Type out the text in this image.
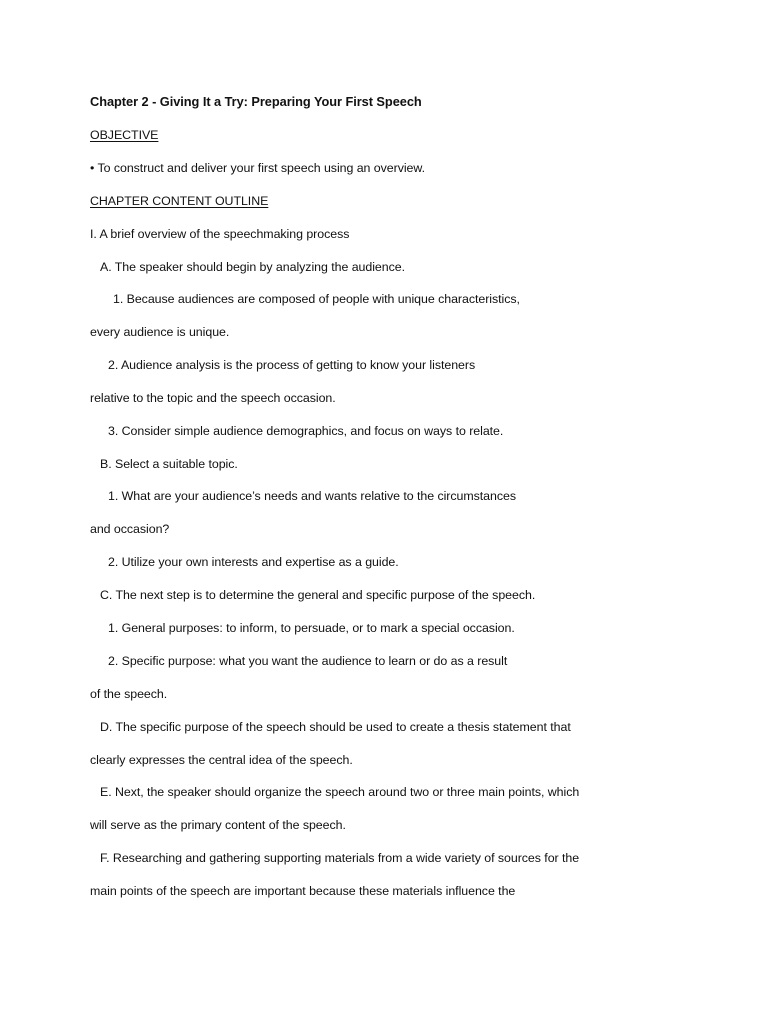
Chapter 2 - Giving It a Try: Preparing Your First Speech
OBJECTIVE
• To construct and deliver your first speech using an overview.
CHAPTER CONTENT OUTLINE
I. A brief overview of the speechmaking process
A. The speaker should begin by analyzing the audience.
1. Because audiences are composed of people with unique characteristics,
every audience is unique.
2. Audience analysis is the process of getting to know your listeners
relative to the topic and the speech occasion.
3. Consider simple audience demographics, and focus on ways to relate.
B. Select a suitable topic.
1. What are your audience’s needs and wants relative to the circumstances
and occasion?
2. Utilize your own interests and expertise as a guide.
C. The next step is to determine the general and specific purpose of the speech.
1. General purposes: to inform, to persuade, or to mark a special occasion.
2. Specific purpose: what you want the audience to learn or do as a result
of the speech.
D. The specific purpose of the speech should be used to create a thesis statement that
clearly expresses the central idea of the speech.
E. Next, the speaker should organize the speech around two or three main points, which
will serve as the primary content of the speech.
F. Researching and gathering supporting materials from a wide variety of sources for the
main points of the speech are important because these materials influence the
